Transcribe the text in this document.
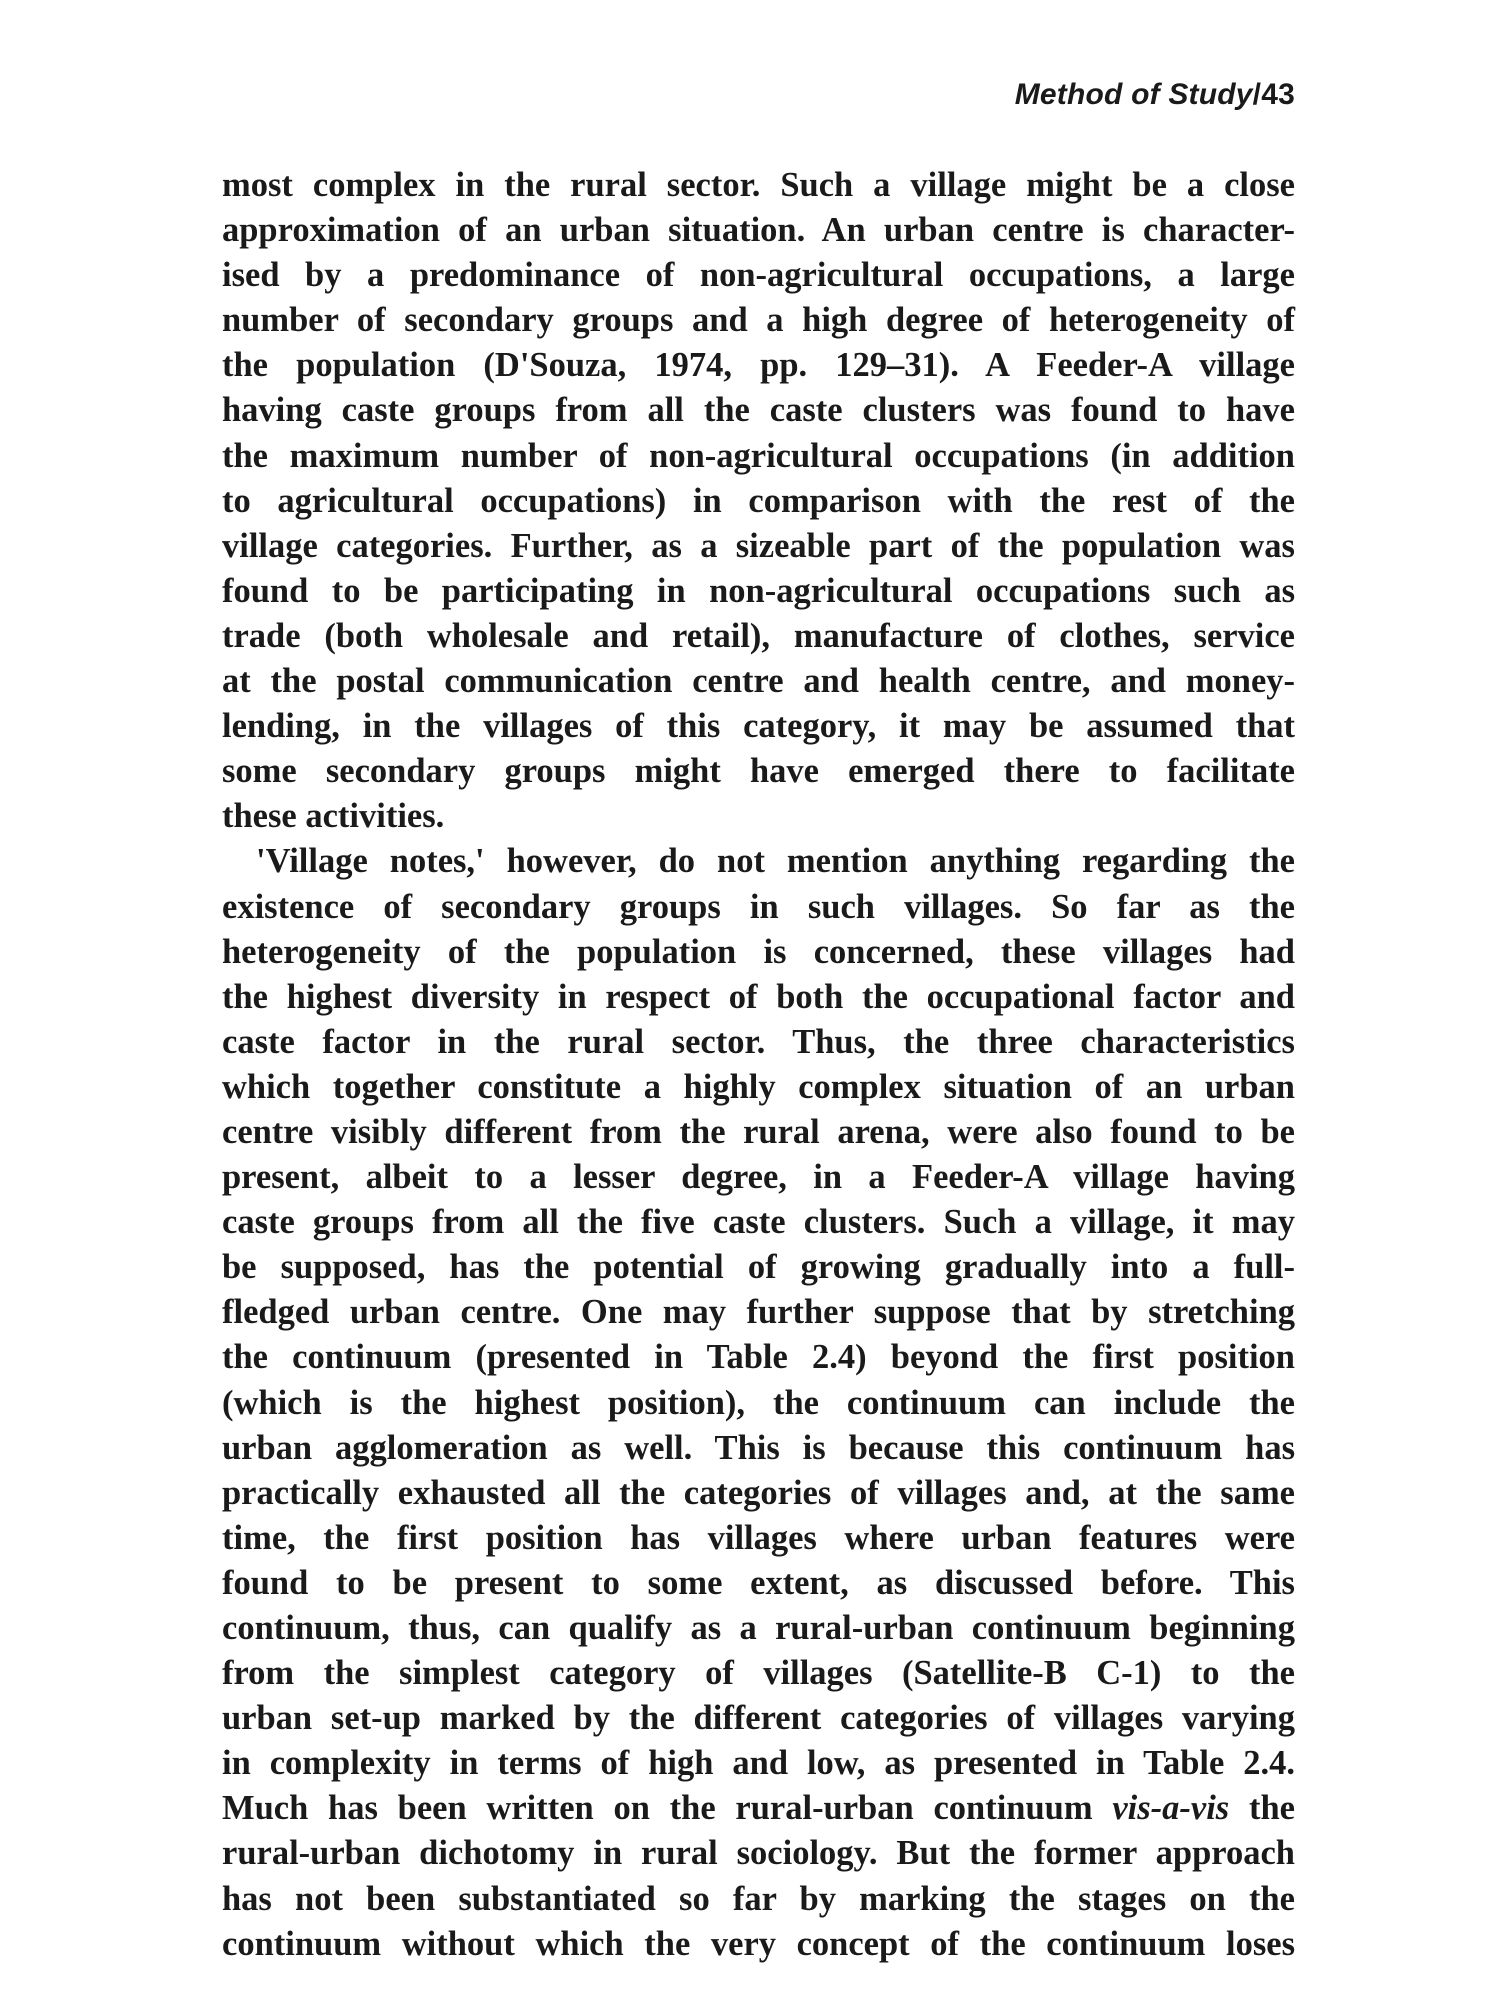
Method of Study/43
most complex in the rural sector. Such a village might be a close
approximation of an urban situation. An urban centre is character-
ised by a predominance of non-agricultural occupations, a large
number of secondary groups and a high degree of heterogeneity of
the population (D'Souza, 1974, pp. 129–31). A Feeder-A village
having caste groups from all the caste clusters was found to have
the maximum number of non-agricultural occupations (in addition
to agricultural occupations) in comparison with the rest of the
village categories. Further, as a sizeable part of the population was
found to be participating in non-agricultural occupations such as
trade (both wholesale and retail), manufacture of clothes, service
at the postal communication centre and health centre, and money-
lending, in the villages of this category, it may be assumed that
some secondary groups might have emerged there to facilitate
these activities.
'Village notes,' however, do not mention anything regarding the
existence of secondary groups in such villages. So far as the
heterogeneity of the population is concerned, these villages had
the highest diversity in respect of both the occupational factor and
caste factor in the rural sector. Thus, the three characteristics
which together constitute a highly complex situation of an urban
centre visibly different from the rural arena, were also found to be
present, albeit to a lesser degree, in a Feeder-A village having
caste groups from all the five caste clusters. Such a village, it may
be supposed, has the potential of growing gradually into a full-
fledged urban centre. One may further suppose that by stretching
the continuum (presented in Table 2.4) beyond the first position
(which is the highest position), the continuum can include the
urban agglomeration as well. This is because this continuum has
practically exhausted all the categories of villages and, at the same
time, the first position has villages where urban features were
found to be present to some extent, as discussed before. This
continuum, thus, can qualify as a rural-urban continuum beginning
from the simplest category of villages (Satellite-B C-1) to the
urban set-up marked by the different categories of villages varying
in complexity in terms of high and low, as presented in Table 2.4.
Much has been written on the rural-urban continuum vis-a-vis the
rural-urban dichotomy in rural sociology. But the former approach
has not been substantiated so far by marking the stages on the
continuum without which the very concept of the continuum loses
